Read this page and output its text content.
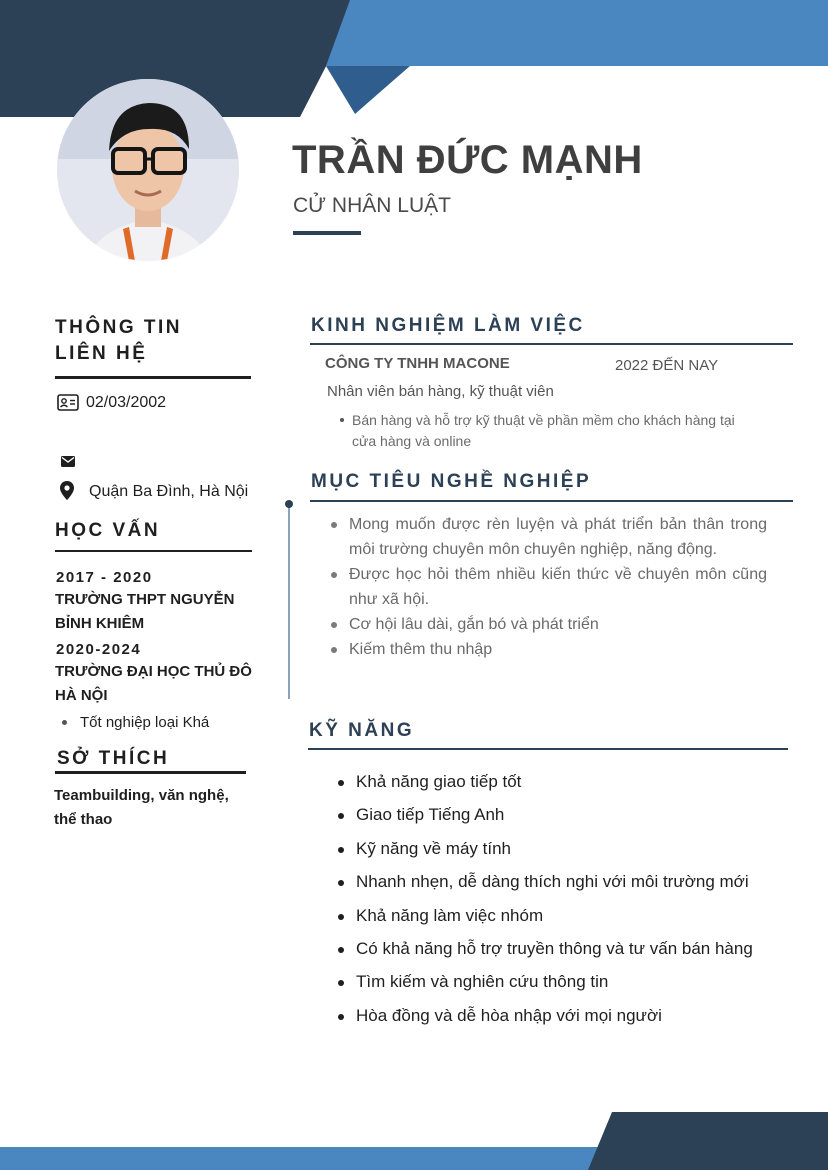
TRẦN ĐỨC MẠNH
CỬ NHÂN LUẬT
THÔNG TIN
LIÊN HỆ
02/03/2002
Quận Ba Đình, Hà Nội
HỌC VẤN
2017 - 2020
TRƯỜNG THPT NGUYỄN BỈNH KHIÊM
2020-2024
TRƯỜNG ĐẠI HỌC THỦ ĐÔ HÀ NỘI
Tốt nghiệp loại Khá
SỞ THÍCH
Teambuilding, văn nghệ, thể thao
KINH NGHIỆM LÀM VIỆC
CÔNG TY TNHH MACONE	2022 ĐẾN NAY
Nhân viên bán hàng, kỹ thuật viên
Bán hàng và hỗ trợ kỹ thuật về phần mềm cho khách hàng tại cửa hàng và online
MỤC TIÊU NGHỀ NGHIỆP
Mong muốn được rèn luyện và phát triển bản thân trong môi trường chuyên môn chuyên nghiệp, năng động.
Được học hỏi thêm nhiều kiến thức về chuyên môn cũng như xã hội.
Cơ hội lâu dài, gắn bó và phát triển
Kiếm thêm thu nhập
KỸ NĂNG
Khả năng giao tiếp tốt
Giao tiếp Tiếng Anh
Kỹ năng về máy tính
Nhanh nhẹn, dễ dàng thích nghi với môi trường mới
Khả năng làm việc nhóm
Có khả năng hỗ trợ truyền thông và tư vấn bán hàng
Tìm kiếm và nghiên cứu thông tin
Hòa đồng và dễ hòa nhập với mọi người
